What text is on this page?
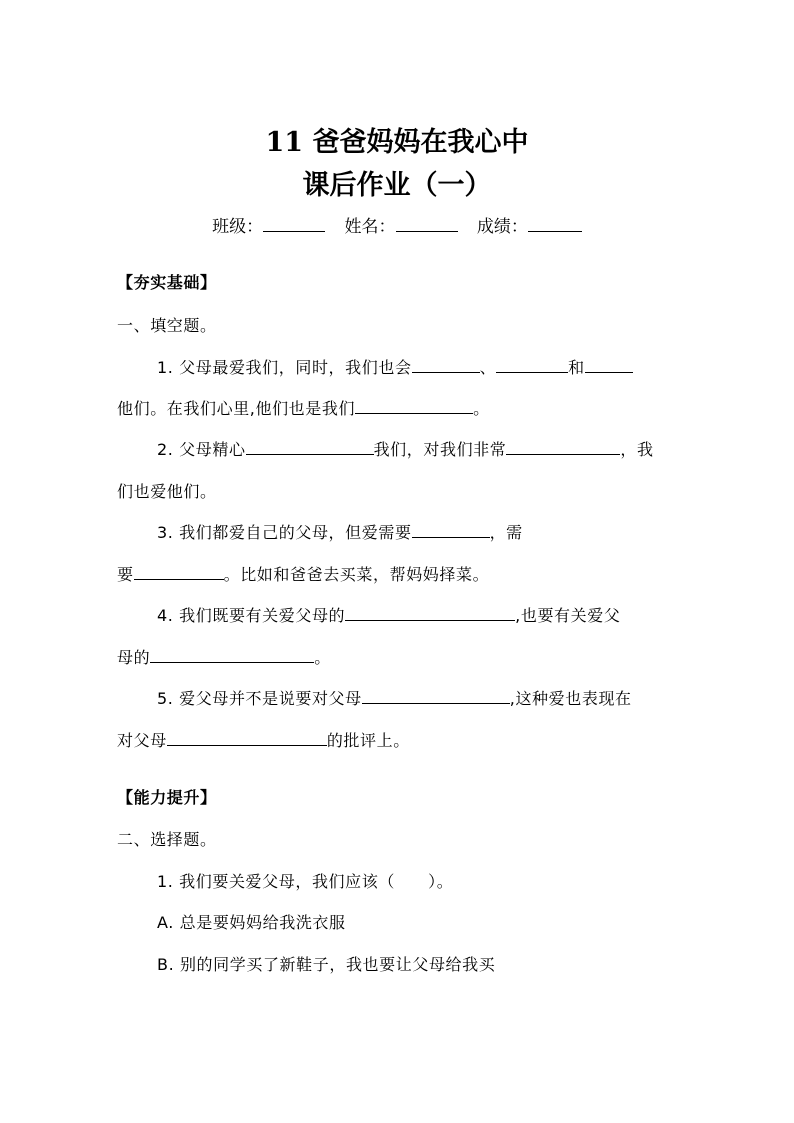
11 爸爸妈妈在我心中
课后作业（一）
班级：	姓名：	成绩：
【夯实基础】
一、填空题。
1. 父母最爱我们，同时，我们也会	、	和
他们。在我们心里,他们也是我们	。
2. 父母精心	我们，对我们非常	，我
们也爱他们。
3. 我们都爱自己的父母，但爱需要	，需
要	。比如和爸爸去买菜，帮妈妈择菜。
4. 我们既要有关爱父母的	,也要有关爱父
母的	。
5. 爱父母并不是说要对父母	,这种爱也表现在
对父母	的批评上。
【能力提升】
二、选择题。
1. 我们要关爱父母，我们应该（　　）。
A. 总是要妈妈给我洗衣服
B. 别的同学买了新鞋子，我也要让父母给我买
